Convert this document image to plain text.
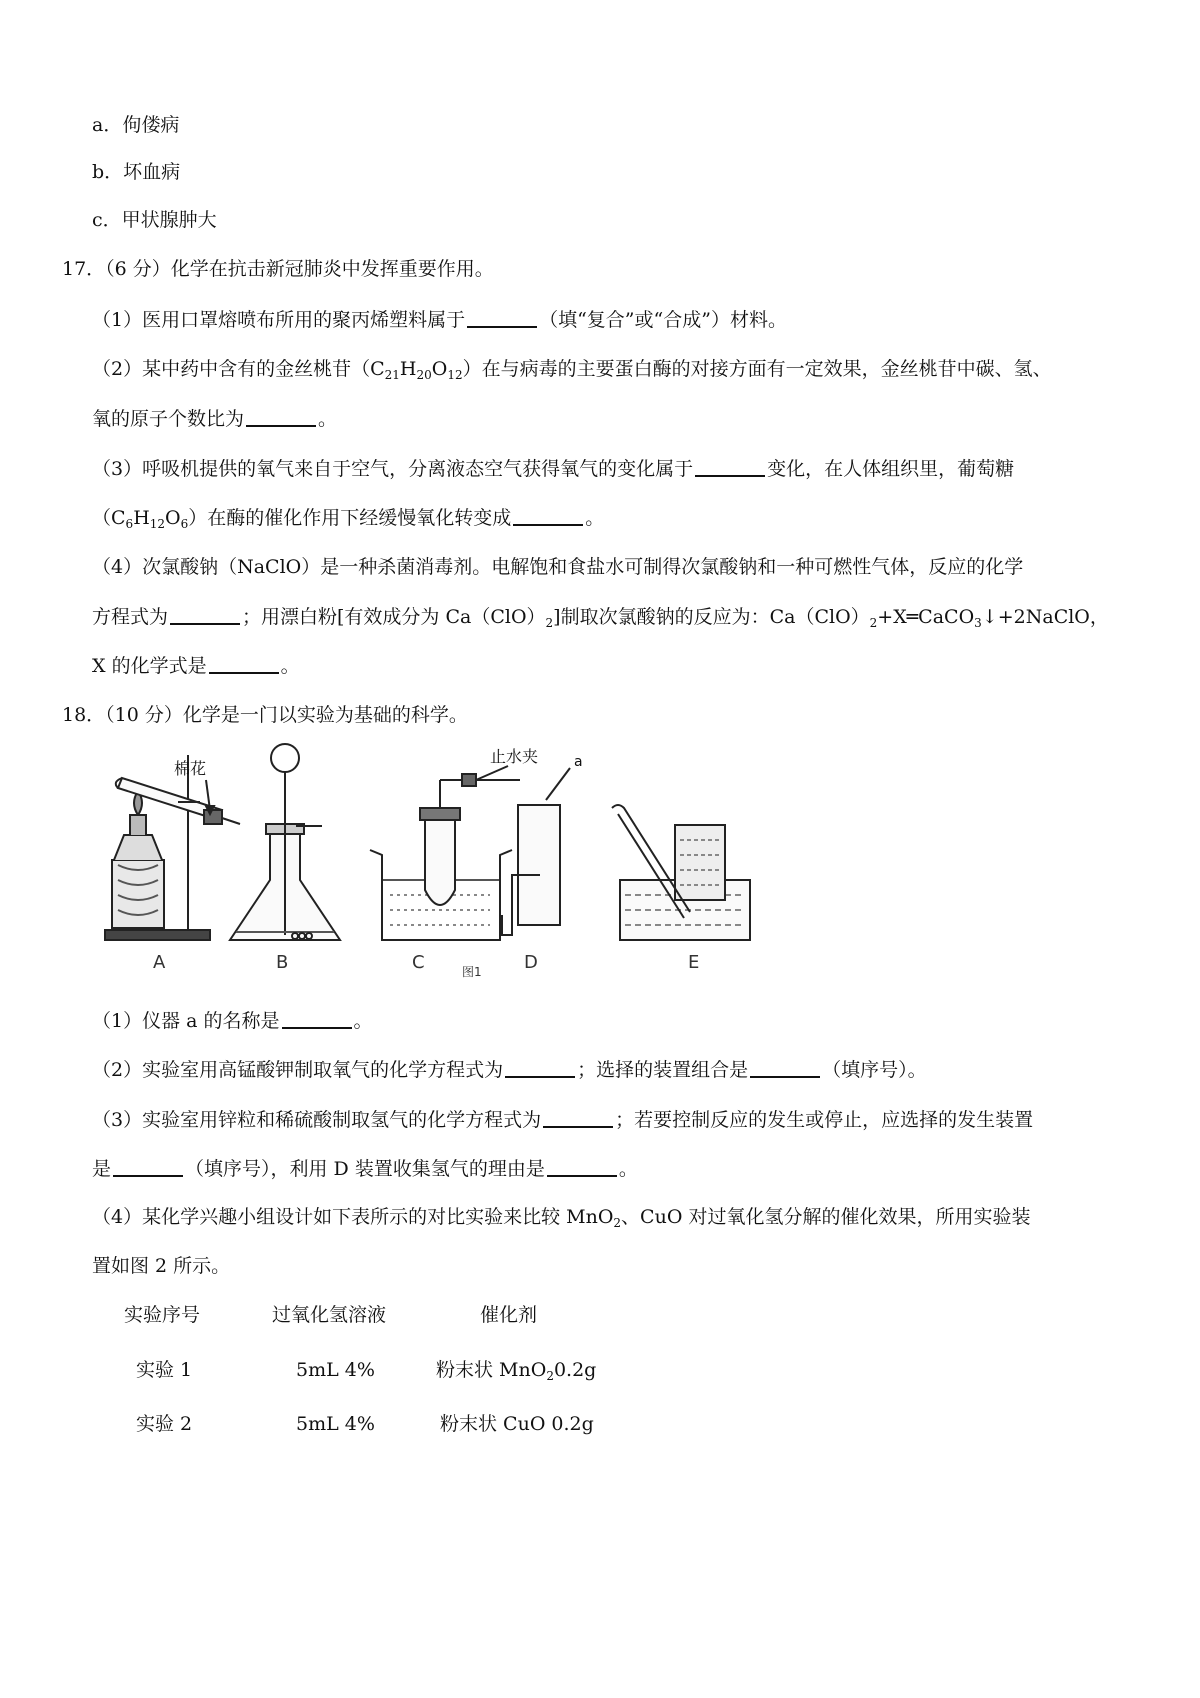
a．佝偻病
b．坏血病
c．甲状腺肿大
17．（6 分）化学在抗击新冠肺炎中发挥重要作用。
（1）医用口罩熔喷布所用的聚丙烯塑料属于	（填“复合”或“合成”）材料。
（2）某中药中含有的金丝桃苷$(C_{21}H_{20}O_{12})$在与病毒的主要蛋白酶的对接方面有一定效果，金丝桃苷中碳、氢、
氧的原子个数比为	。
（3）呼吸机提供的氧气来自于空气，分离液态空气获得氧气的变化属于	变化，在人体组织里，葡萄糖
$(C_6H_{12}O_6)$在酶的催化作用下经缓慢氧化转变成	。
（4）次氯酸钠（NaClO）是一种杀菌消毒剂。电解饱和食盐水可制得次氯酸钠和一种可燃性气体，反应的化学
方程式为	；用漂白粉[有效成分为 $Ca(ClO)_2$]制取次氯酸钠的反应为：$Ca(ClO)_2+X═CaCO_3↓+2NaClO$，
X 的化学式是	。
18．（10 分）化学是一门以实验为基础的科学。
棉花
止水夹	a
A	B	C	D	E
图1
（1）仪器 a 的名称是	。
（2）实验室用高锰酸钾制取氧气的化学方程式为	；选择的装置组合是	（填序号）。
（3）实验室用锌粒和稀硫酸制取氢气的化学方程式为	；若要控制反应的发生或停止，应选择的发生装置
是	（填序号），利用 D 装置收集氢气的理由是	。
（4）某化学兴趣小组设计如下表所示的对比实验来比较 MnO$_2$、CuO 对过氧化氢分解的催化效果，所用实验装
置如图 2 所示。
实验序号	过氧化氢溶液	催化剂
实验 1	5mL 4%	粉末状 MnO$_2$0.2g
实验 2	5mL 4%	粉末状 CuO 0.2g
